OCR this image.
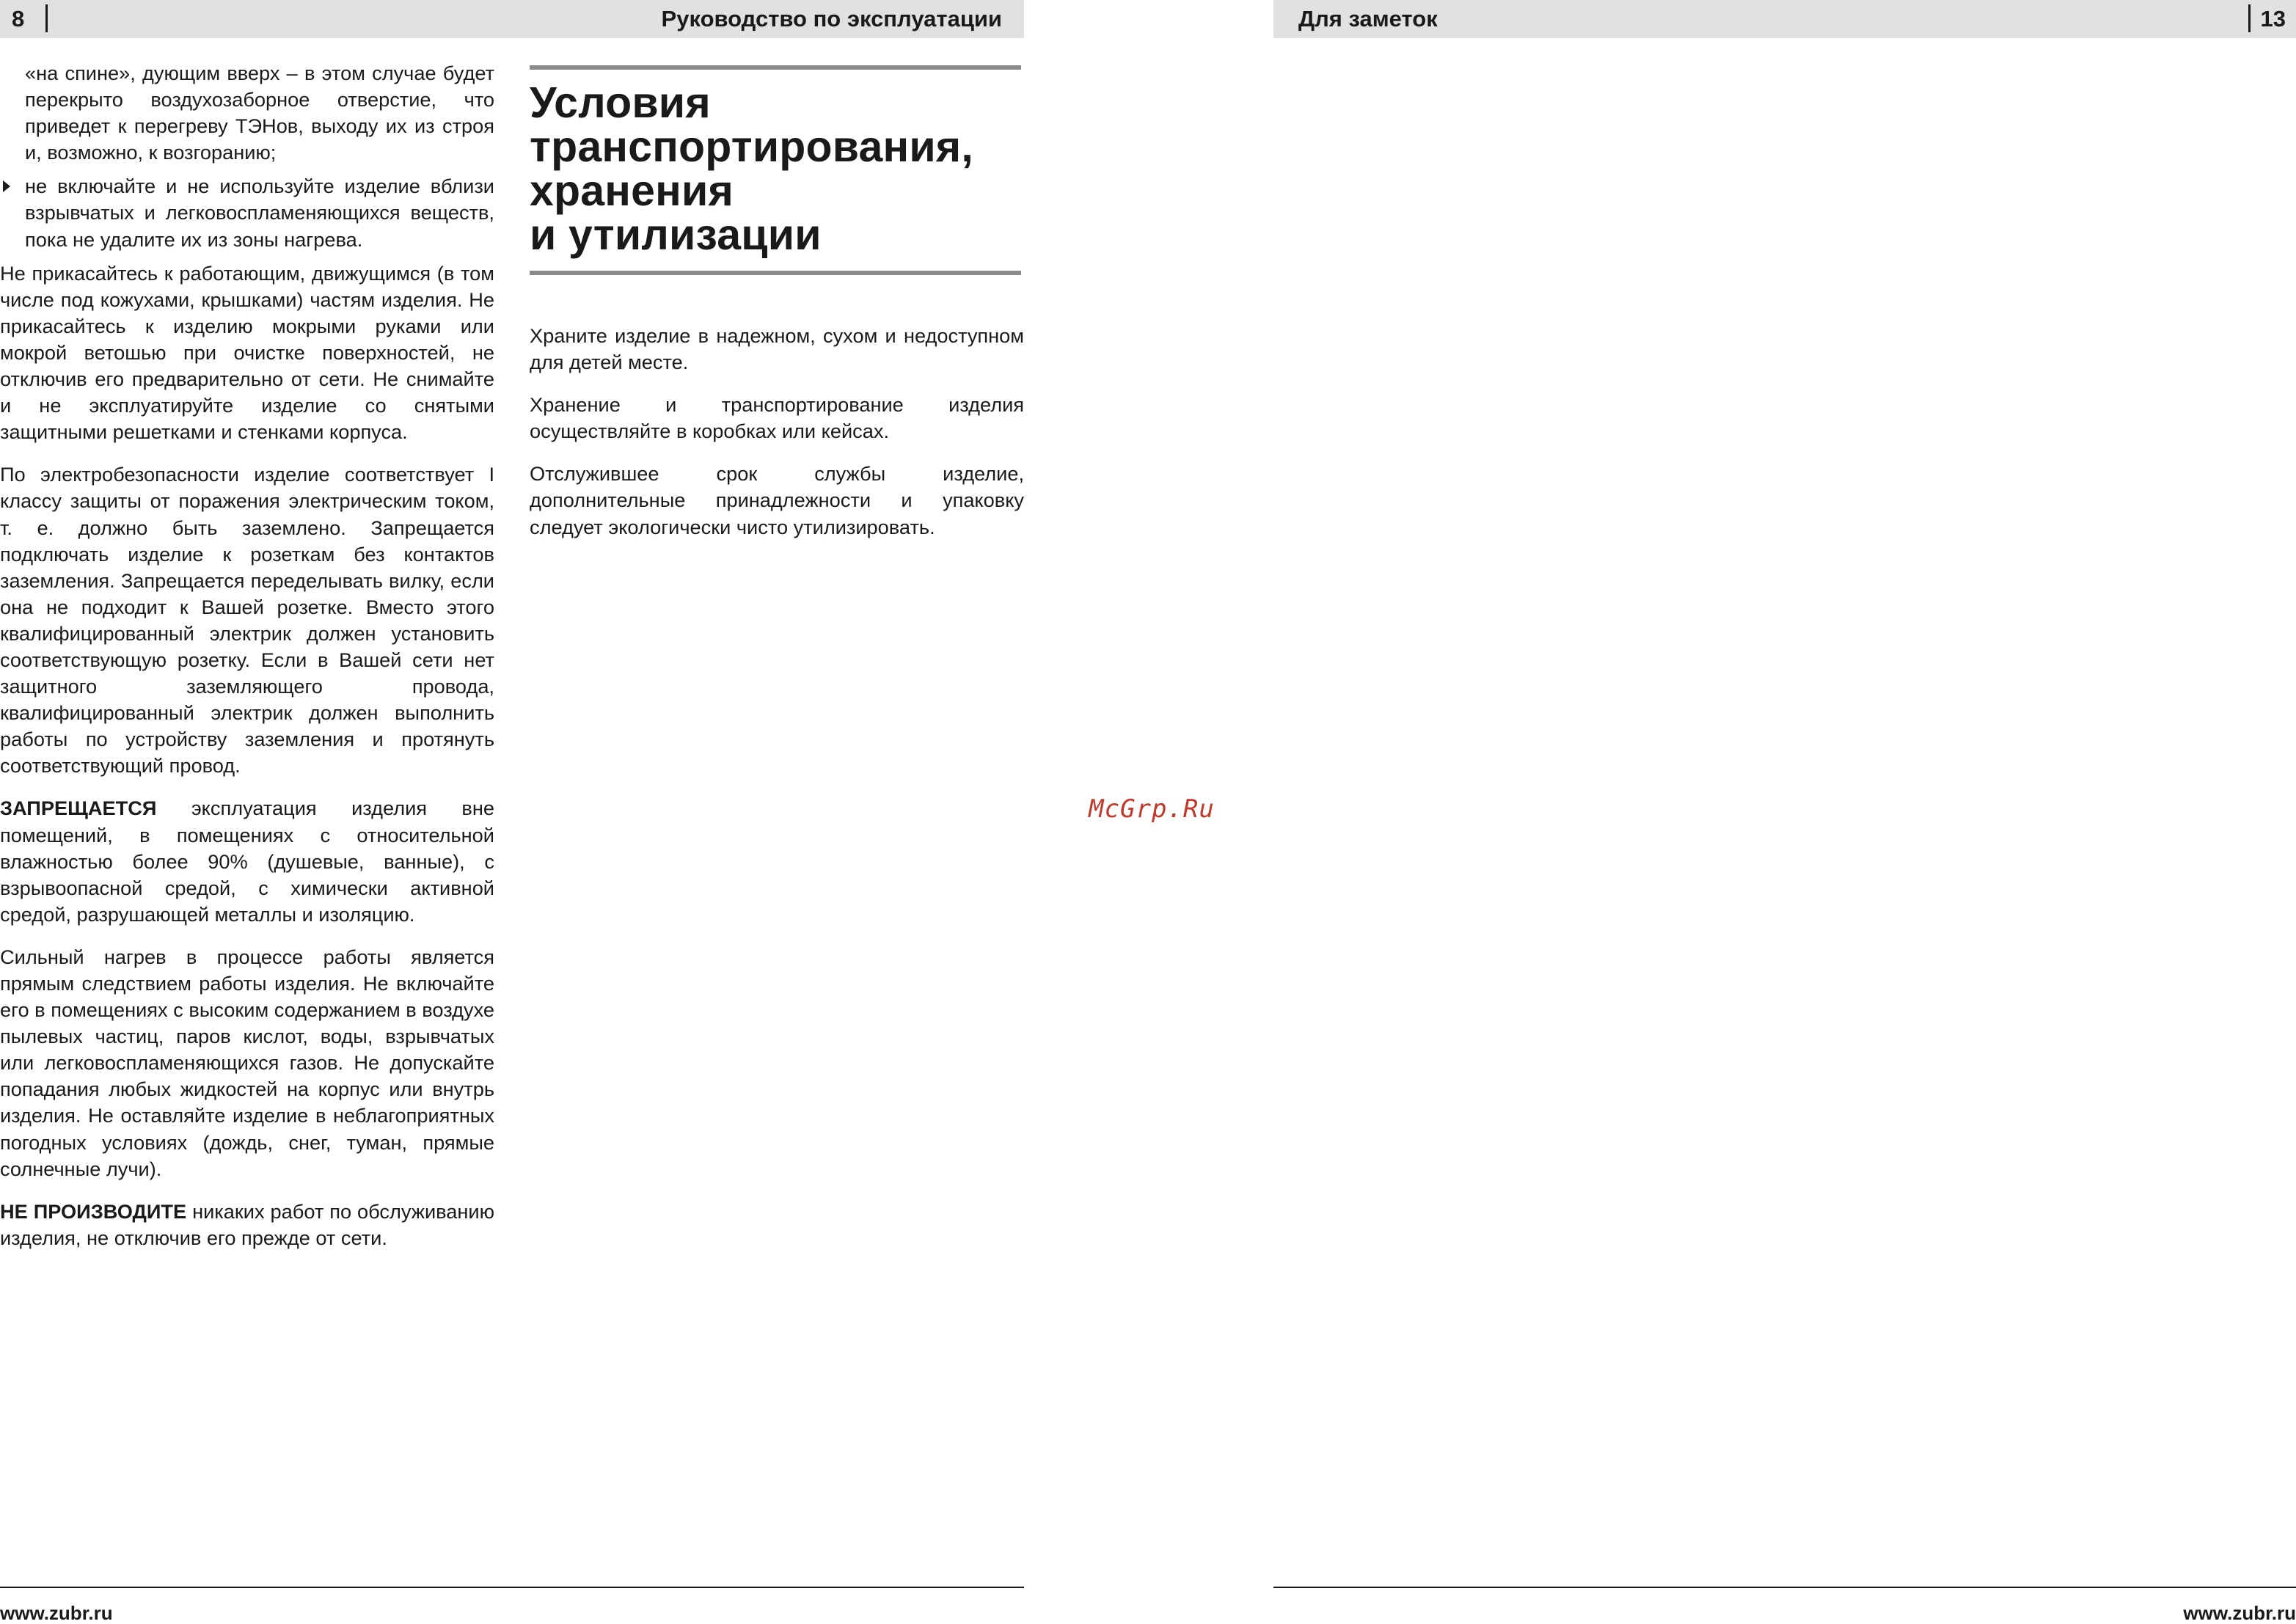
8	Руководство по эксплуатации
«на спине», дующим вверх – в этом случае будет перекрыто воздухозаборное отверстие, что приведет к перегреву ТЭНов, выходу их из строя и, возможно, к возгоранию;
не включайте и не используйте изделие вблизи взрывчатых и легковоспламеняющихся веществ, пока не удалите их из зоны нагрева.

Не прикасайтесь к работающим, движущимся (в том числе под кожухами, крышками) частям изделия. Не прикасайтесь к изделию мокрыми руками или мокрой ветошью при очистке поверхностей, не отключив его предварительно от сети. Не снимайте и не эксплуатируйте изделие со снятыми защитными решетками и стенками корпуса.

По электробезопасности изделие соответствует I классу защиты от поражения электрическим током, т. е. должно быть заземлено. Запрещается подключать изделие к розеткам без контактов заземления. Запрещается переделывать вилку, если она не подходит к Вашей розетке. Вместо этого квалифицированный электрик должен установить соответствующую розетку. Если в Вашей сети нет защитного заземляющего провода, квалифицированный электрик должен выполнить работы по устройству заземления и протянуть соответствующий провод.

ЗАПРЕЩАЕТСЯ эксплуатация изделия вне помещений, в помещениях с относительной влажностью более 90% (душевые, ванные), с взрывоопасной средой, с химически активной средой, разрушающей металлы и изоляцию.

Сильный нагрев в процессе работы является прямым следствием работы изделия. Не включайте его в помещениях с высоким содержанием в воздухе пылевых частиц, паров кислот, воды, взрывчатых или легковоспламеняющихся газов. Не допускайте попадания любых жидкостей на корпус или внутрь изделия. Не оставляйте изделие в неблагоприятных погодных условиях (дождь, снег, туман, прямые солнечные лучи).

НЕ ПРОИЗВОДИТЕ никаких работ по обслуживанию изделия, не отключив его прежде от сети.

Условия
транспортирования,
хранения
и утилизации

Храните изделие в надежном, сухом и недоступном для детей месте.

Хранение и транспортирование изделия осуществляйте в коробках или кейсах.

Отслужившее срок службы изделие, дополнительные принадлежности и упаковку следует экологически чисто утилизировать.

www.zubr.ru
McGrp.Ru
Для заметок	13
www.zubr.ru
